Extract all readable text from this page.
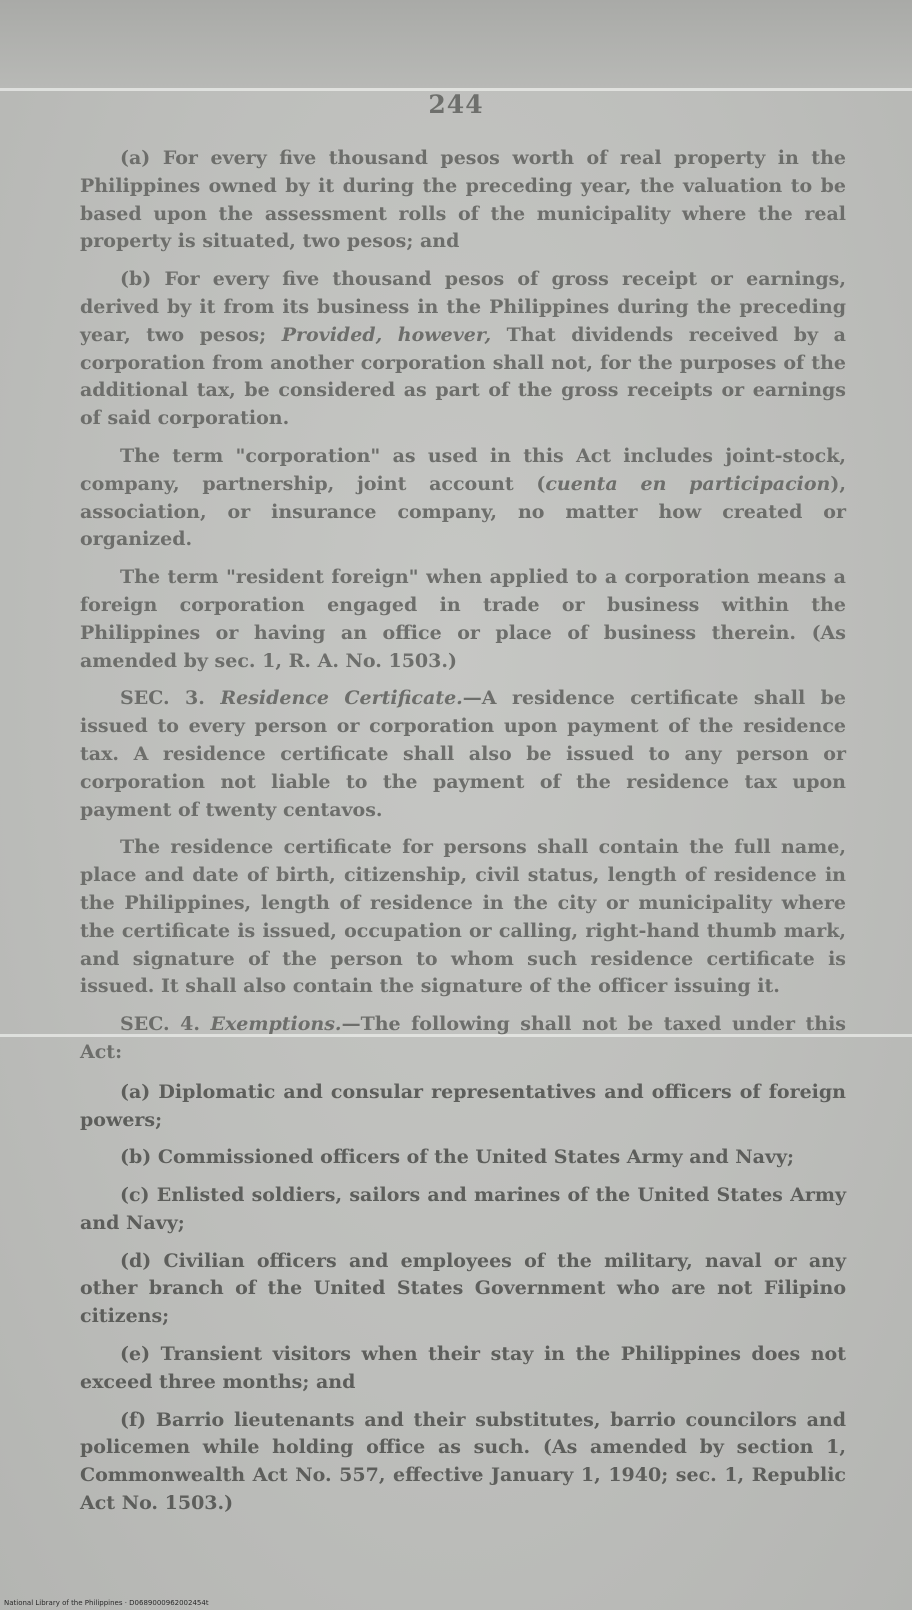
244

(a) For every five thousand pesos worth of real property in the Philippines owned by it during the preceding year, the valuation to be based upon the assessment rolls of the municipality where the real property is situated, two pesos; and

(b) For every five thousand pesos of gross receipt or earnings, derived by it from its business in the Philippines during the preceding year, two pesos; Provided, however, That dividends received by a corporation from another corporation shall not, for the purposes of the additional tax, be considered as part of the gross receipts or earnings of said corporation.

The term "corporation" as used in this Act includes joint-stock, company, partnership, joint account (cuenta en participacion), association, or insurance company, no matter how created or organized.

The term "resident foreign" when applied to a corporation means a foreign corporation engaged in trade or business within the Philippines or having an office or place of business therein. (As amended by sec. 1, R. A. No. 1503.)

SEC. 3. Residence Certificate.—A residence certificate shall be issued to every person or corporation upon payment of the residence tax. A residence certificate shall also be issued to any person or corporation not liable to the payment of the residence tax upon payment of twenty centavos.

The residence certificate for persons shall contain the full name, place and date of birth, citizenship, civil status, length of residence in the Philippines, length of residence in the city or municipality where the certificate is issued, occupation or calling, right-hand thumb mark, and signature of the person to whom such residence certificate is issued. It shall also contain the signature of the officer issuing it.

SEC. 4. Exemptions.—The following shall not be taxed under this Act:

(a) Diplomatic and consular representatives and officers of foreign powers;

(b) Commissioned officers of the United States Army and Navy;

(c) Enlisted soldiers, sailors and marines of the United States Army and Navy;

(d) Civilian officers and employees of the military, naval or any other branch of the United States Government who are not Filipino citizens;

(e) Transient visitors when their stay in the Philippines does not exceed three months; and

(f) Barrio lieutenants and their substitutes, barrio councilors and policemen while holding office as such. (As amended by section 1, Commonwealth Act No. 557, effective January 1, 1940; sec. 1, Republic Act No. 1503.)

National Library of the Philippines · D0689000962002454t
